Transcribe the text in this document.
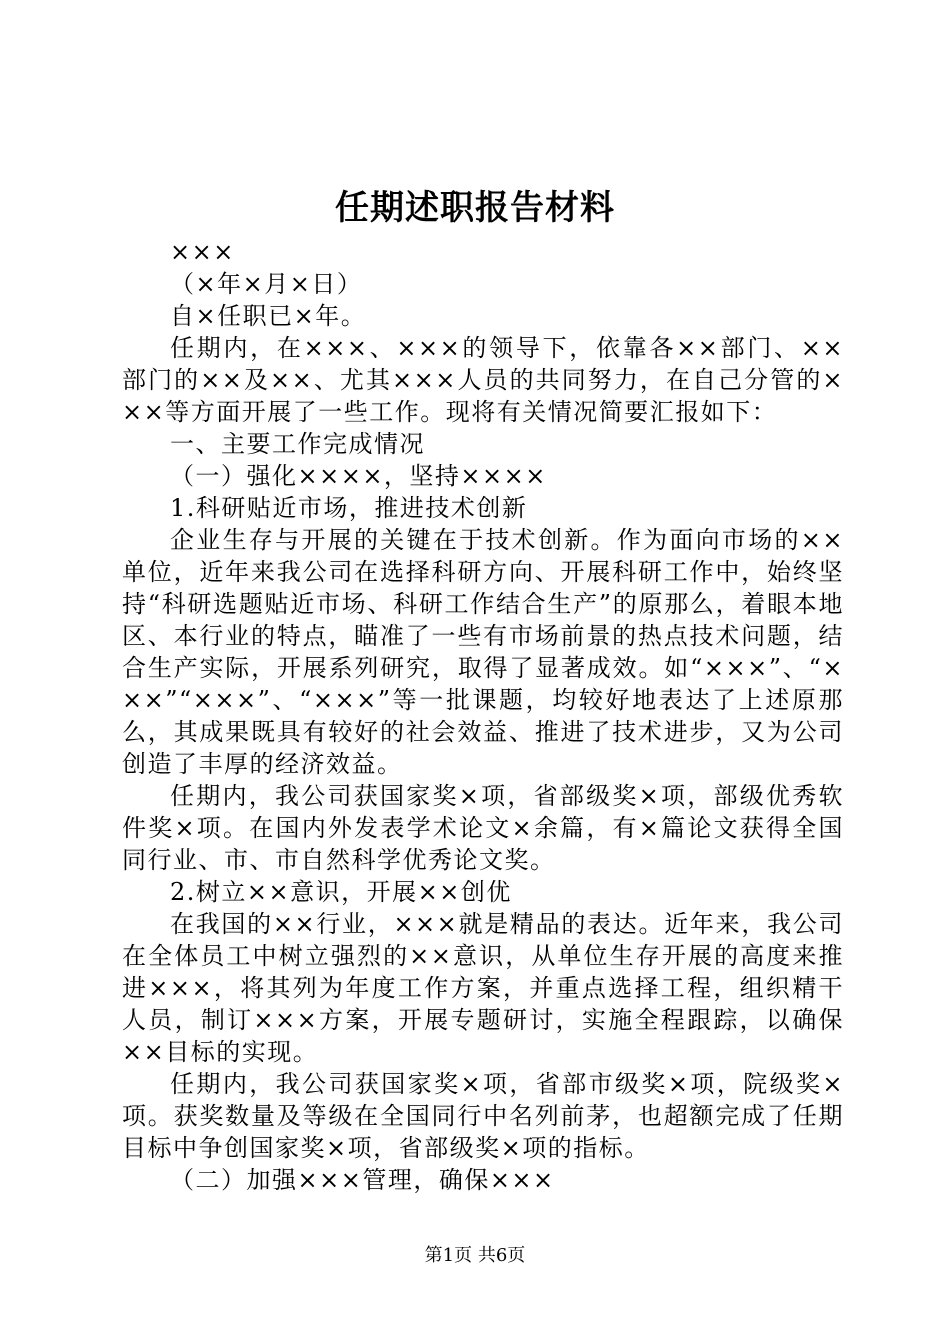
任期述职报告材料

×××

（×年×月×日）

自×任职已×年。

任期内，在×××、×××的领导下，依靠各××部门、××部门的××及××、尤其×××人员的共同努力，在自己分管的×××等方面开展了一些工作。现将有关情况简要汇报如下：

一、主要工作完成情况

（一）强化××××，坚持××××

1.科研贴近市场，推进技术创新

企业生存与开展的关键在于技术创新。作为面向市场的××单位，近年来我公司在选择科研方向、开展科研工作中，始终坚持“科研选题贴近市场、科研工作结合生产”的原那么，着眼本地区、本行业的特点，瞄准了一些有市场前景的热点技术问题，结合生产实际，开展系列研究，取得了显著成效。如“×××”、“×××”“×××”、“×××”等一批课题，均较好地表达了上述原那么，其成果既具有较好的社会效益、推进了技术进步，又为公司创造了丰厚的经济效益。

任期内，我公司获国家奖×项，省部级奖×项，部级优秀软件奖×项。在国内外发表学术论文×余篇，有×篇论文获得全国同行业、市、市自然科学优秀论文奖。

2.树立××意识，开展××创优

在我国的××行业，×××就是精品的表达。近年来，我公司在全体员工中树立强烈的××意识，从单位生存开展的高度来推进×××，将其列为年度工作方案，并重点选择工程，组织精干人员，制订×××方案，开展专题研讨，实施全程跟踪，以确保××目标的实现。

任期内，我公司获国家奖×项，省部市级奖×项，院级奖×项。获奖数量及等级在全国同行中名列前茅，也超额完成了任期目标中争创国家奖×项，省部级奖×项的指标。

（二）加强×××管理，确保×××

第1页 共6页
